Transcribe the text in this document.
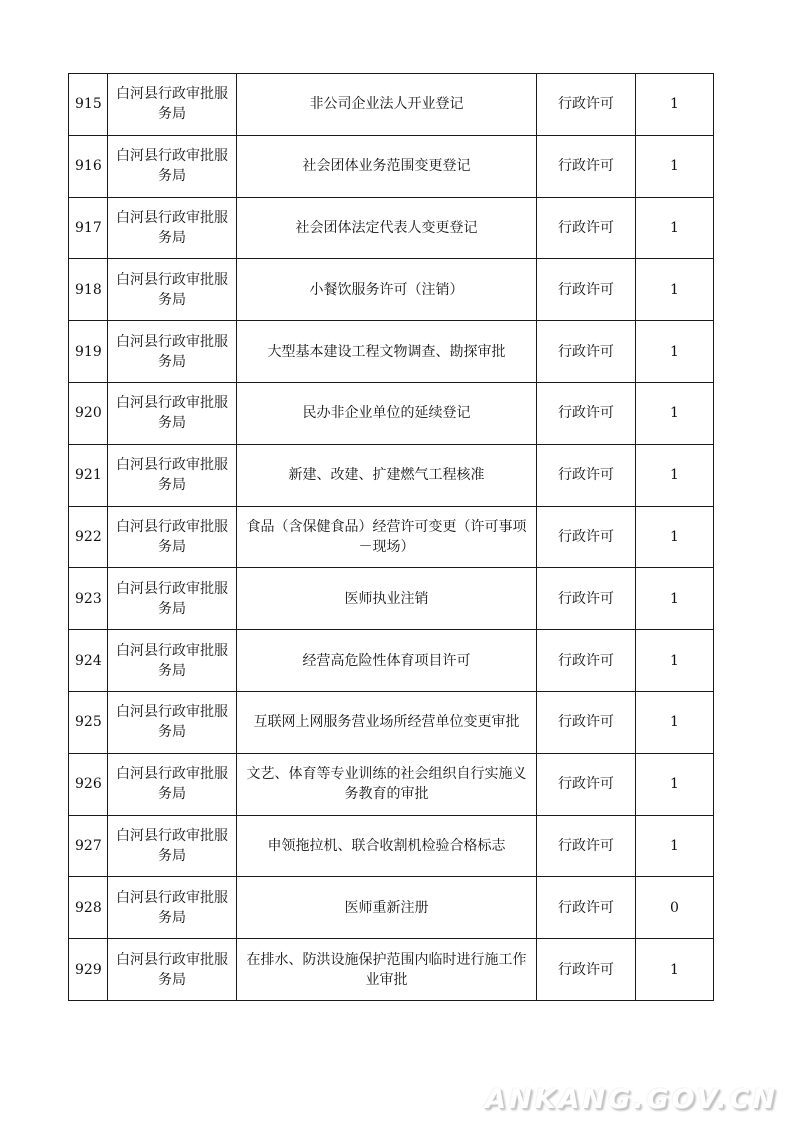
915	白河县行政审批服务局	非公司企业法人开业登记	行政许可	1
916	白河县行政审批服务局	社会团体业务范围变更登记	行政许可	1
917	白河县行政审批服务局	社会团体法定代表人变更登记	行政许可	1
918	白河县行政审批服务局	小餐饮服务许可（注销）	行政许可	1
919	白河县行政审批服务局	大型基本建设工程文物调查、勘探审批	行政许可	1
920	白河县行政审批服务局	民办非企业单位的延续登记	行政许可	1
921	白河县行政审批服务局	新建、改建、扩建燃气工程核准	行政许可	1
922	白河县行政审批服务局	食品（含保健食品）经营许可变更（许可事项－现场）	行政许可	1
923	白河县行政审批服务局	医师执业注销	行政许可	1
924	白河县行政审批服务局	经营高危险性体育项目许可	行政许可	1
925	白河县行政审批服务局	互联网上网服务营业场所经营单位变更审批	行政许可	1
926	白河县行政审批服务局	文艺、体育等专业训练的社会组织自行实施义务教育的审批	行政许可	1
927	白河县行政审批服务局	申领拖拉机、联合收割机检验合格标志	行政许可	1
928	白河县行政审批服务局	医师重新注册	行政许可	0
929	白河县行政审批服务局	在排水、防洪设施保护范围内临时进行施工作业审批	行政许可	1
ANKANG.GOV.CN
